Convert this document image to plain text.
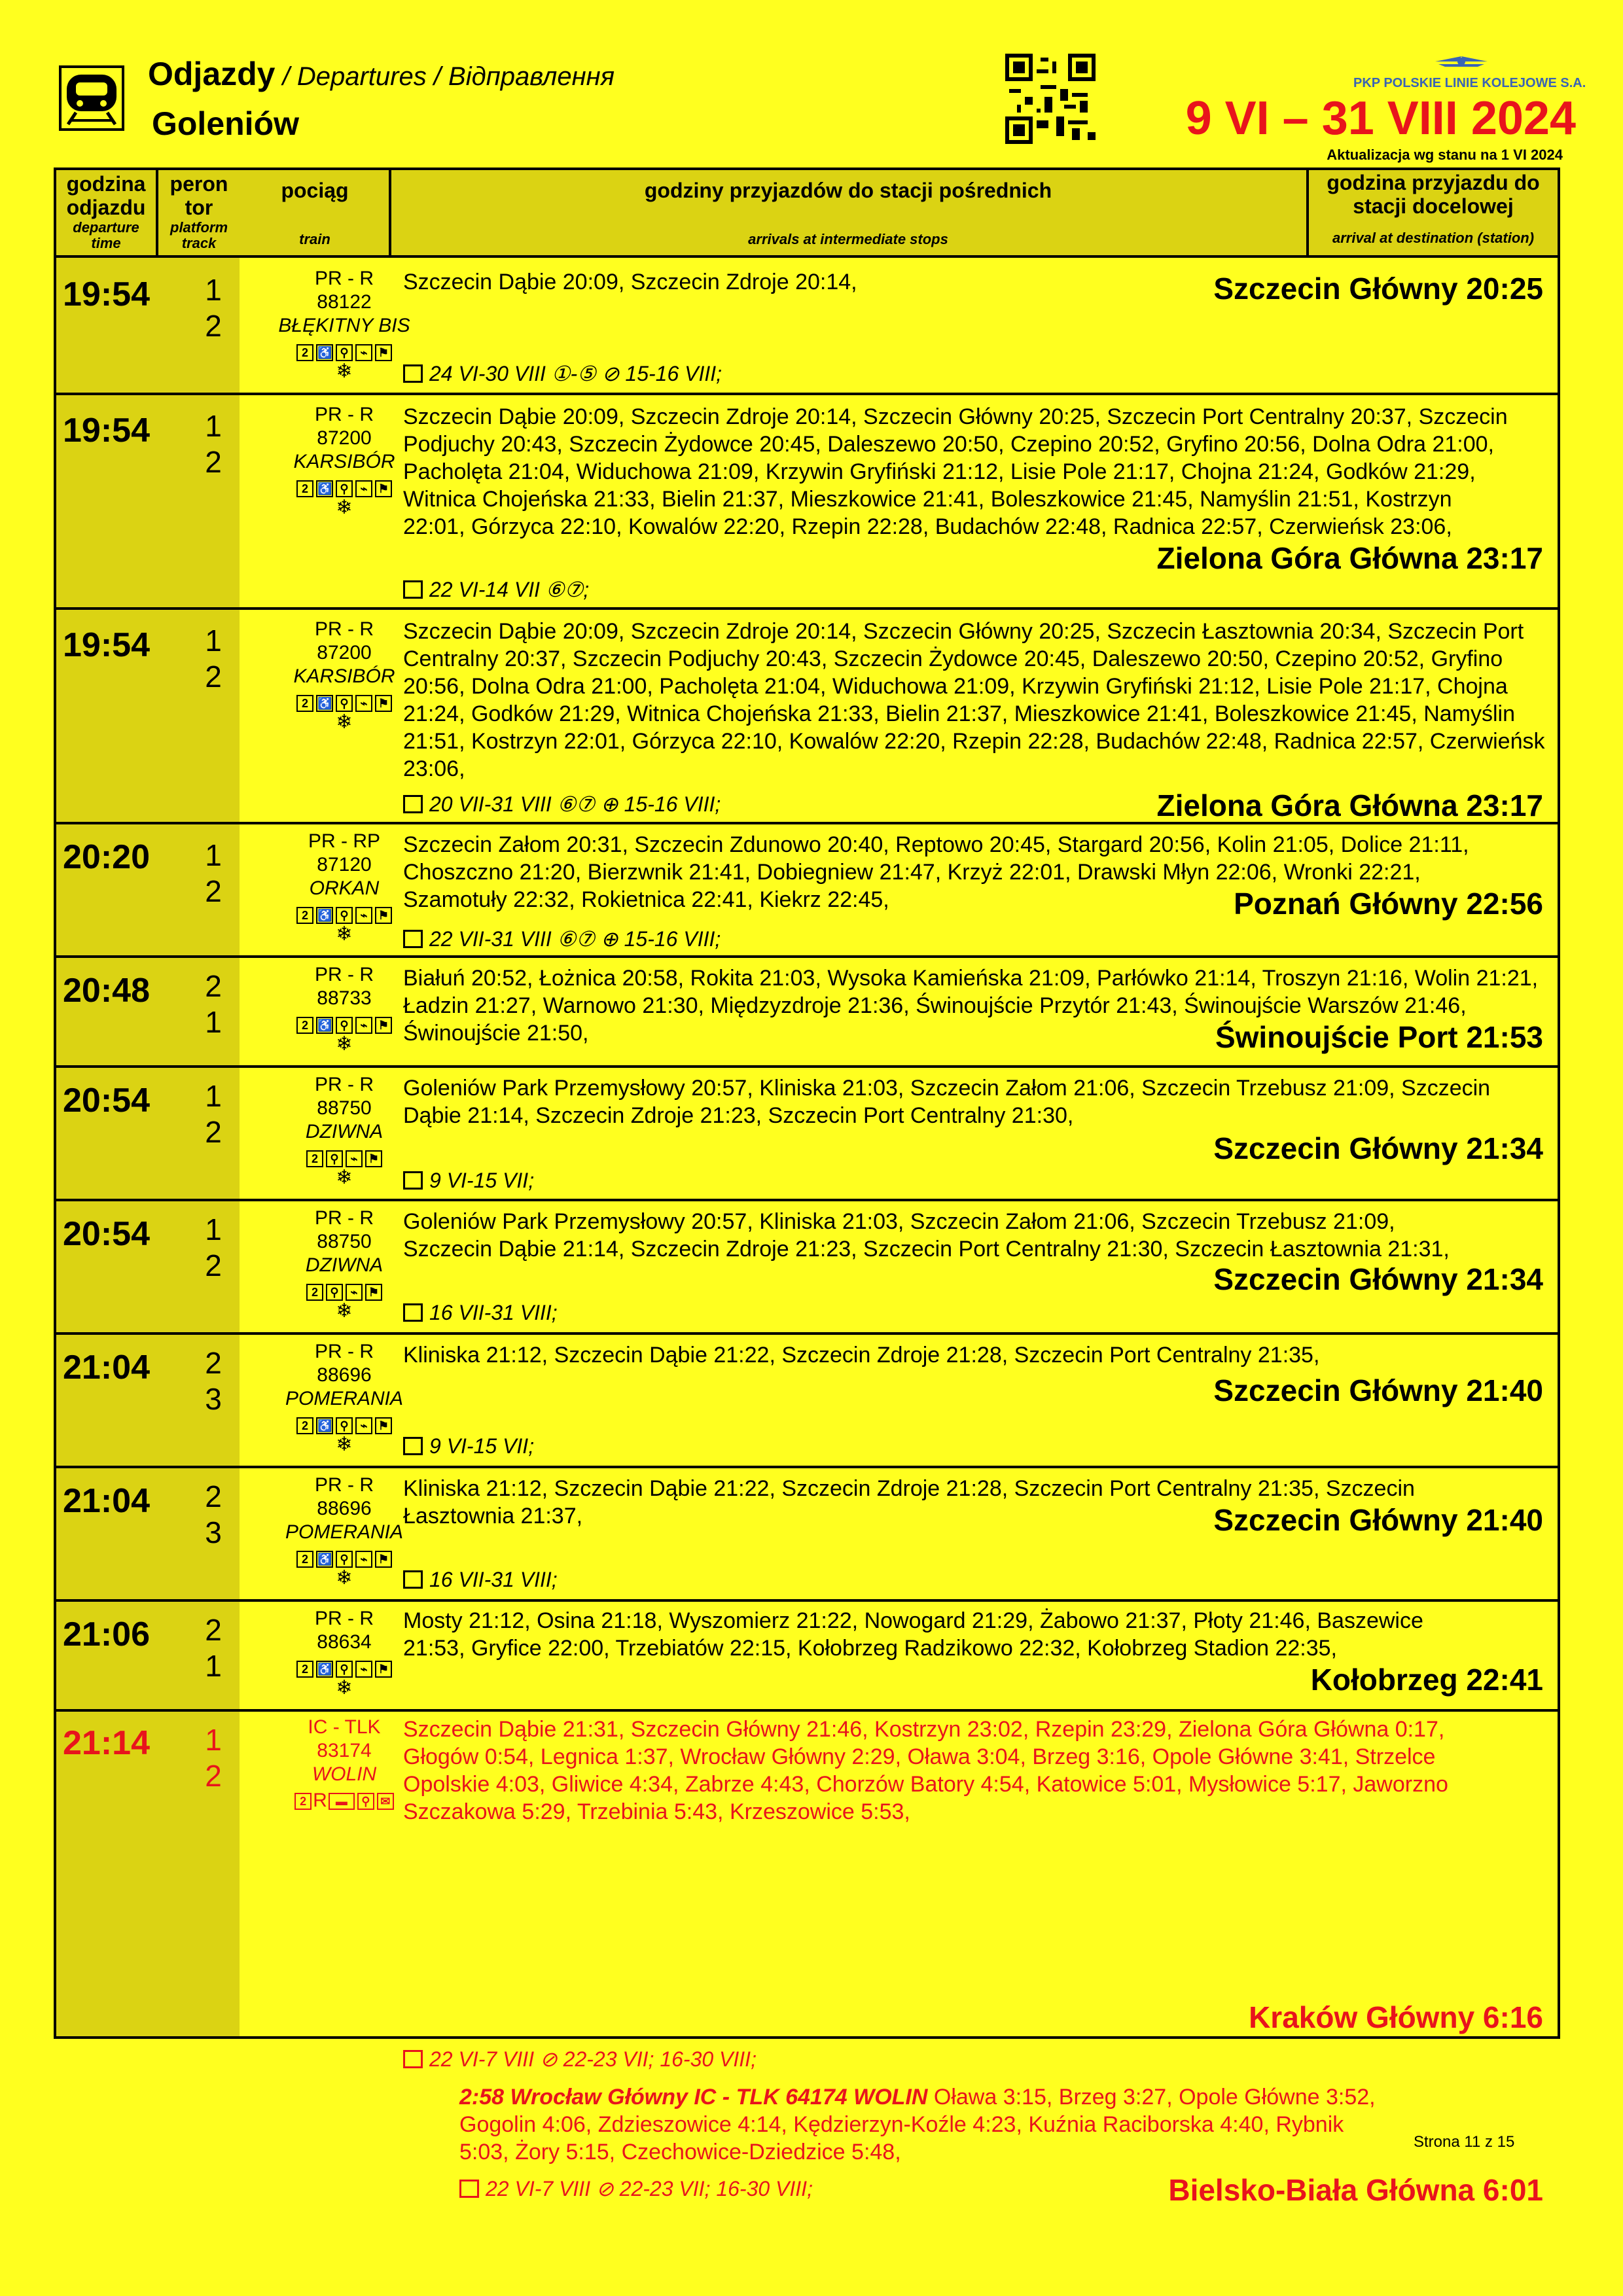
Odjazdy / Departures / Відправлення
Goleniów
PKP POLSKIE LINIE KOLEJOWE S.A.
9 VI – 31 VIII 2024
Aktualizacja wg stanu na 1 VI 2024
godzina
odjazdu
departure
time
peron
tor
platform
track
pociąg
train
godziny przyjazdów do stacji pośrednich
arrivals at intermediate stops
godzina przyjazdu do
stacji docelowej
arrival at destination (station)
19:54	1
2
PR - R
88122
BŁĘKITNY BIS
2 ♿ ⚲ ⌁ ⚑
❄
Szczecin Dąbie 20:09, Szczecin Zdroje 20:14,	Szczecin Główny 20:25
24 VI-30 VIII ①-⑤ ⊘ 15-16 VIII;
19:54	1
2
PR - R
87200
KARSIBÓR
2 ♿ ⚲ ⌁ ⚑
❄
Szczecin Dąbie 20:09, Szczecin Zdroje 20:14, Szczecin Główny 20:25, Szczecin Port Centralny 20:37, Szczecin Podjuchy 20:43, Szczecin Żydowce 20:45, Daleszewo 20:50, Czepino 20:52, Gryfino 20:56, Dolna Odra 21:00, Pacholęta 21:04, Widuchowa 21:09, Krzywin Gryfiński 21:12, Lisie Pole 21:17, Chojna 21:24, Godków 21:29, Witnica Chojeńska 21:33, Bielin 21:37, Mieszkowice 21:41, Boleszkowice 21:45, Namyślin 21:51, Kostrzyn 22:01, Górzyca 22:10, Kowalów 22:20, Rzepin 22:28, Budachów 22:48, Radnica 22:57, Czerwieńsk 23:06,
Zielona Góra Główna 23:17
22 VI-14 VII ⑥⑦;
19:54	1
2
PR - R
87200
KARSIBÓR
2 ♿ ⚲ ⌁ ⚑
❄
Szczecin Dąbie 20:09, Szczecin Zdroje 20:14, Szczecin Główny 20:25, Szczecin Łasztownia 20:34, Szczecin Port Centralny 20:37, Szczecin Podjuchy 20:43, Szczecin Żydowce 20:45, Daleszewo 20:50, Czepino 20:52, Gryfino 20:56, Dolna Odra 21:00, Pacholęta 21:04, Widuchowa 21:09, Krzywin Gryfiński 21:12, Lisie Pole 21:17, Chojna 21:24, Godków 21:29, Witnica Chojeńska 21:33, Bielin 21:37, Mieszkowice 21:41, Boleszkowice 21:45, Namyślin 21:51, Kostrzyn 22:01, Górzyca 22:10, Kowalów 22:20, Rzepin 22:28, Budachów 22:48, Radnica 22:57, Czerwieńsk 23:06,
Zielona Góra Główna 23:17
20 VII-31 VIII ⑥⑦ ⊕ 15-16 VIII;
20:20	1
2
PR - RP
87120
ORKAN
2 ♿ ⚲ ⌁ ⚑
❄
Szczecin Załom 20:31, Szczecin Zdunowo 20:40, Reptowo 20:45, Stargard 20:56, Kolin 21:05, Dolice 21:11, Choszczno 21:20, Bierzwnik 21:41, Dobiegniew 21:47, Krzyż 22:01, Drawski Młyn 22:06, Wronki 22:21, Szamotuły 22:32, Rokietnica 22:41, Kiekrz 22:45,	Poznań Główny 22:56
22 VII-31 VIII ⑥⑦ ⊕ 15-16 VIII;
20:48	2
1
PR - R
88733
2 ♿ ⚲ ⌁ ⚑
❄
Białuń 20:52, Łożnica 20:58, Rokita 21:03, Wysoka Kamieńska 21:09, Parłówko 21:14, Troszyn 21:16, Wolin 21:21, Ładzin 21:27, Warnowo 21:30, Międzyzdroje 21:36, Świnoujście Przytór 21:43, Świnoujście Warszów 21:46, Świnoujście 21:50,	Świnoujście Port 21:53
20:54	1
2
PR - R
88750
DZIWNA
2 ⚲ ⌁ ⚑
❄
Goleniów Park Przemysłowy 20:57, Kliniska 21:03, Szczecin Załom 21:06, Szczecin Trzebusz 21:09, Szczecin Dąbie 21:14, Szczecin Zdroje 21:23, Szczecin Port Centralny 21:30,
Szczecin Główny 21:34
9 VI-15 VII;
20:54	1
2
PR - R
88750
DZIWNA
2 ⚲ ⌁ ⚑
❄
Goleniów Park Przemysłowy 20:57, Kliniska 21:03, Szczecin Załom 21:06, Szczecin Trzebusz 21:09, Szczecin Dąbie 21:14, Szczecin Zdroje 21:23, Szczecin Port Centralny 21:30, Szczecin Łasztownia 21:31,
Szczecin Główny 21:34
16 VII-31 VIII;
21:04	2
3
PR - R
88696
POMERANIA
2 ♿ ⚲ ⌁ ⚑
❄
Kliniska 21:12, Szczecin Dąbie 21:22, Szczecin Zdroje 21:28, Szczecin Port Centralny 21:35,
Szczecin Główny 21:40
9 VI-15 VII;
21:04	2
3
PR - R
88696
POMERANIA
2 ♿ ⚲ ⌁ ⚑
❄
Kliniska 21:12, Szczecin Dąbie 21:22, Szczecin Zdroje 21:28, Szczecin Port Centralny 21:35, Szczecin Łasztownia 21:37,	Szczecin Główny 21:40
16 VII-31 VIII;
21:06	2
1
PR - R
88634
2 ♿ ⚲ ⌁ ⚑
❄
Mosty 21:12, Osina 21:18, Wyszomierz 21:22, Nowogard 21:29, Żabowo 21:37, Płoty 21:46, Baszewice 21:53, Gryfice 22:00, Trzebiatów 22:15, Kołobrzeg Radzikowo 22:32, Kołobrzeg Stadion 22:35,
Kołobrzeg 22:41
21:14	1
2
IC - TLK
83174
WOLIN
2 R ▬ ⚲ ✉
Szczecin Dąbie 21:31, Szczecin Główny 21:46, Kostrzyn 23:02, Rzepin 23:29, Zielona Góra Główna 0:17, Głogów 0:54, Legnica 1:37, Wrocław Główny 2:29, Oława 3:04, Brzeg 3:16, Opole Główne 3:41, Strzelce Opolskie 4:03, Gliwice 4:34, Zabrze 4:43, Chorzów Batory 4:54, Katowice 5:01, Mysłowice 5:17, Jaworzno Szczakowa 5:29, Trzebinia 5:43, Krzeszowice 5:53,
Kraków Główny 6:16
22 VI-7 VIII ⊘ 22-23 VII; 16-30 VIII;
2:58 Wrocław Główny IC - TLK 64174 WOLIN Oława 3:15, Brzeg 3:27, Opole Główne 3:52, Gogolin 4:06, Zdzieszowice 4:14, Kędzierzyn-Koźle 4:23, Kuźnia Raciborska 4:40, Rybnik 5:03, Żory 5:15, Czechowice-Dziedzice 5:48,
Bielsko-Biała Główna 6:01
22 VI-7 VIII ⊘ 22-23 VII; 16-30 VIII;
Strona 11 z 15
